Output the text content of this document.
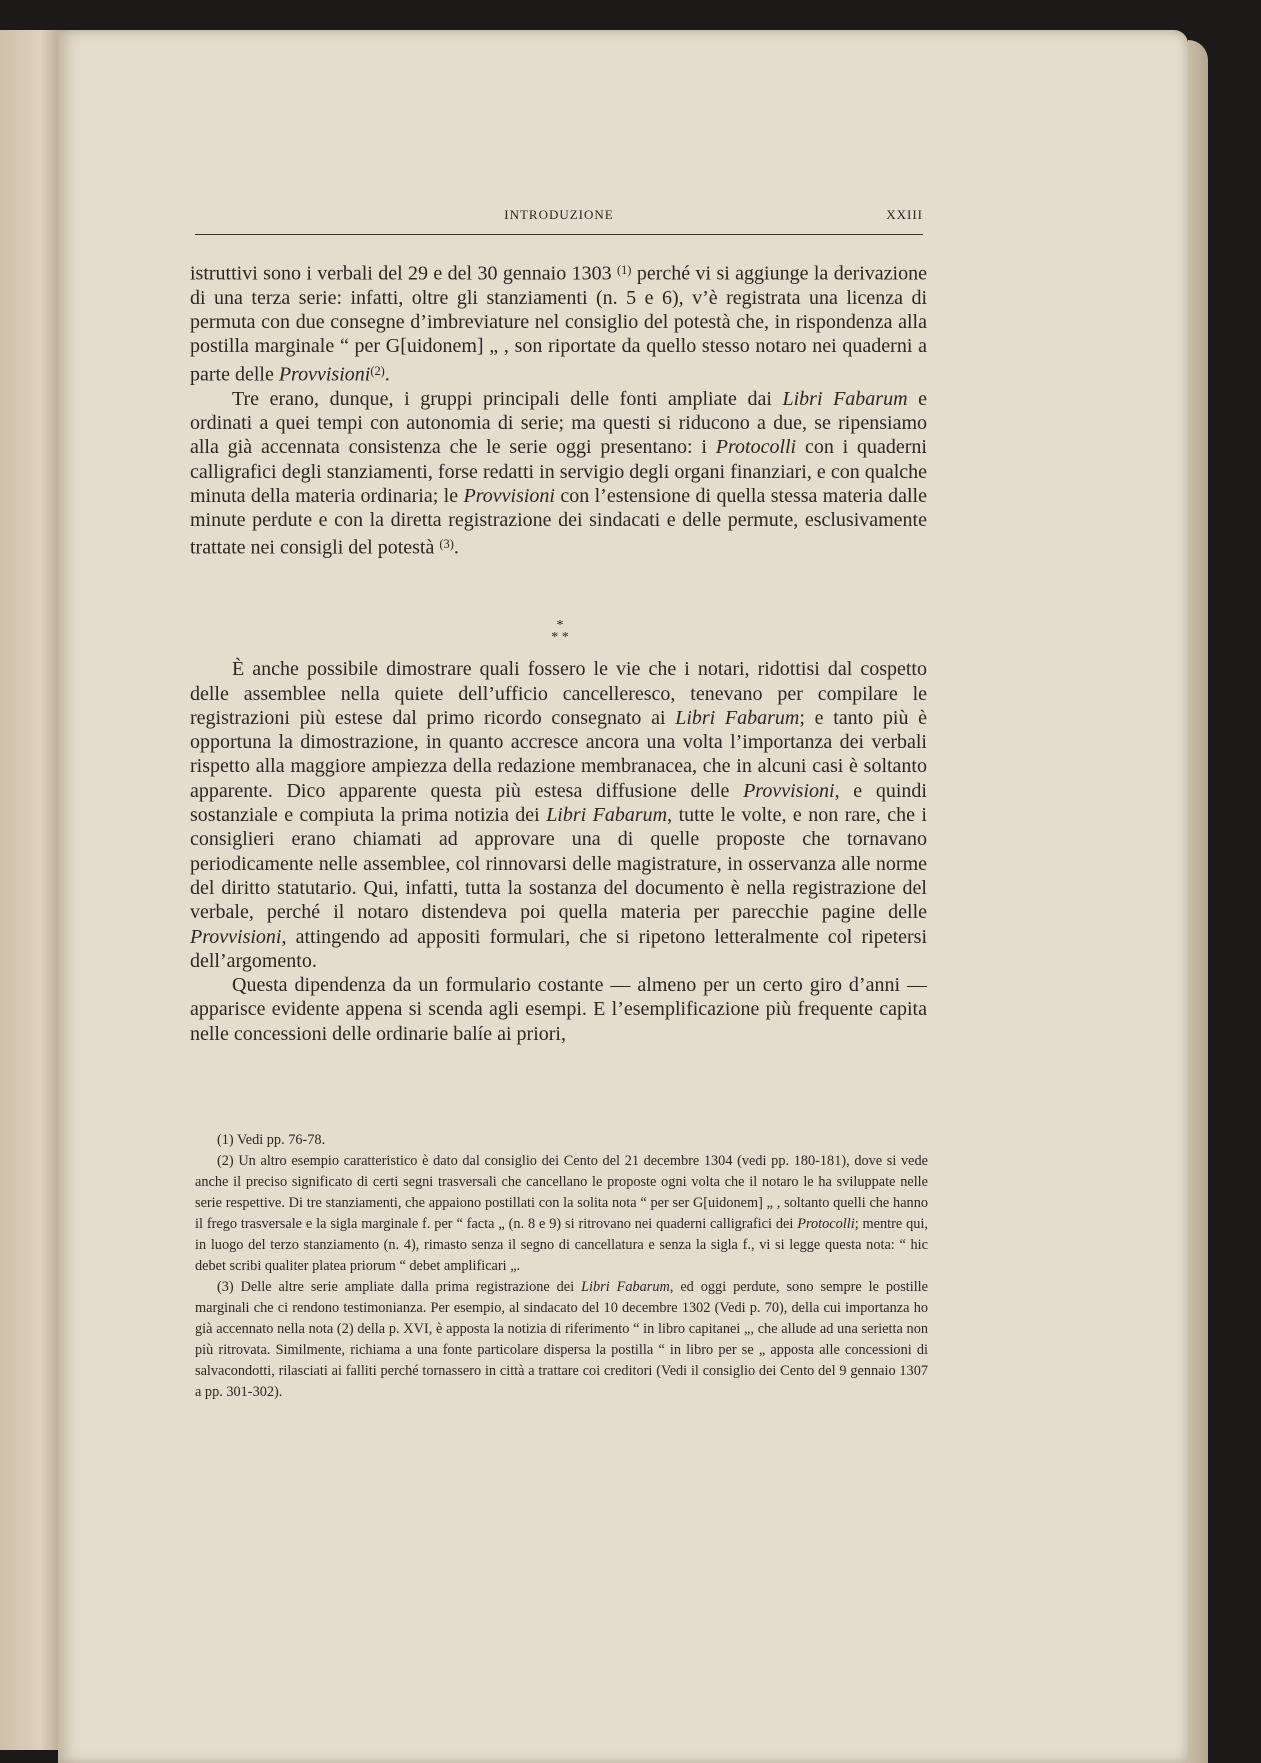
INTRODUZIONE	XXIII

istruttivi sono i verbali del 29 e del 30 gennaio 1303 $^{(1)}$ perché vi si aggiunge la derivazione di una terza serie: infatti, oltre gli stanziamenti (n. 5 e 6), v’è registrata una licenza di permuta con due consegne d’imbreviature nel consiglio del potestà che, in rispondenza alla postilla marginale “ per G[uidonem] „ , son riportate da quello stesso notaro nei quaderni a parte delle Provvisioni$^{(2)}$.

Tre erano, dunque, i gruppi principali delle fonti ampliate dai Libri Fabarum e ordinati a quei tempi con autonomia di serie; ma questi si riducono a due, se ripensiamo alla già accennata consistenza che le serie oggi presentano: i Protocolli con i quaderni calligrafici degli stanziamenti, forse redatti in servigio degli organi finanziari, e con qualche minuta della materia ordinaria; le Provvisioni con l’estensione di quella stessa materia dalle minute perdute e con la diretta registrazione dei sindacati e delle permute, esclusivamente trattate nei consigli del potestà $^{(3)}$.

È anche possibile dimostrare quali fossero le vie che i notari, ridottisi dal cospetto delle assemblee nella quiete dell’ufficio cancelleresco, tenevano per compilare le registrazioni più estese dal primo ricordo consegnato ai Libri Fabarum; e tanto più è opportuna la dimostrazione, in quanto accresce ancora una volta l’importanza dei verbali rispetto alla maggiore ampiezza della redazione membranacea, che in alcuni casi è soltanto apparente. Dico apparente questa più estesa diffusione delle Provvisioni, e quindi sostanziale e compiuta la prima notizia dei Libri Fabarum, tutte le volte, e non rare, che i consiglieri erano chiamati ad approvare una di quelle proposte che tornavano periodicamente nelle assemblee, col rinnovarsi delle magistrature, in osservanza alle norme del diritto statutario. Qui, infatti, tutta la sostanza del documento è nella registrazione del verbale, perché il notaro distendeva poi quella materia per parecchie pagine delle Provvisioni, attingendo ad appositi formulari, che si ripetono letteralmente col ripetersi dell’argomento.

Questa dipendenza da un formulario costante — almeno per un certo giro d’anni — apparisce evidente appena si scenda agli esempi. E l’esemplificazione più frequente capita nelle concessioni delle ordinarie balíe ai priori,

*
* *

(1) Vedi pp. 76-78.

(2) Un altro esempio caratteristico è dato dal consiglio dei Cento del 21 decembre 1304 (vedi pp. 180-181), dove si vede anche il preciso significato di certi segni trasversali che cancellano le proposte ogni volta che il notaro le ha sviluppate nelle serie respettive. Di tre stanziamenti, che appaiono postillati con la solita nota “ per ser G[uidonem] „ , soltanto quelli che hanno il frego trasversale e la sigla marginale f. per “ facta „ (n. 8 e 9) si ritrovano nei quaderni calligrafici dei Protocolli; mentre qui, in luogo del terzo stanziamento (n. 4), rimasto senza il segno di cancellatura e senza la sigla f., vi si legge questa nota: “ hic debet scribi qualiter platea priorum “ debet amplificari „.

(3) Delle altre serie ampliate dalla prima registrazione dei Libri Fabarum, ed oggi perdute, sono sempre le postille marginali che ci rendono testimonianza. Per esempio, al sindacato del 10 decembre 1302 (Vedi p. 70), della cui importanza ho già accennato nella nota (2) della p. XVI, è apposta la notizia di riferimento “ in libro capitanei „, che allude ad una serietta non più ritrovata. Similmente, richiama a una fonte particolare dispersa la postilla “ in libro per se „ apposta alle concessioni di salvacondotti, rilasciati ai falliti perché tornassero in città a trattare coi creditori (Vedi il consiglio dei Cento del 9 gennaio 1307 a pp. 301-302).
